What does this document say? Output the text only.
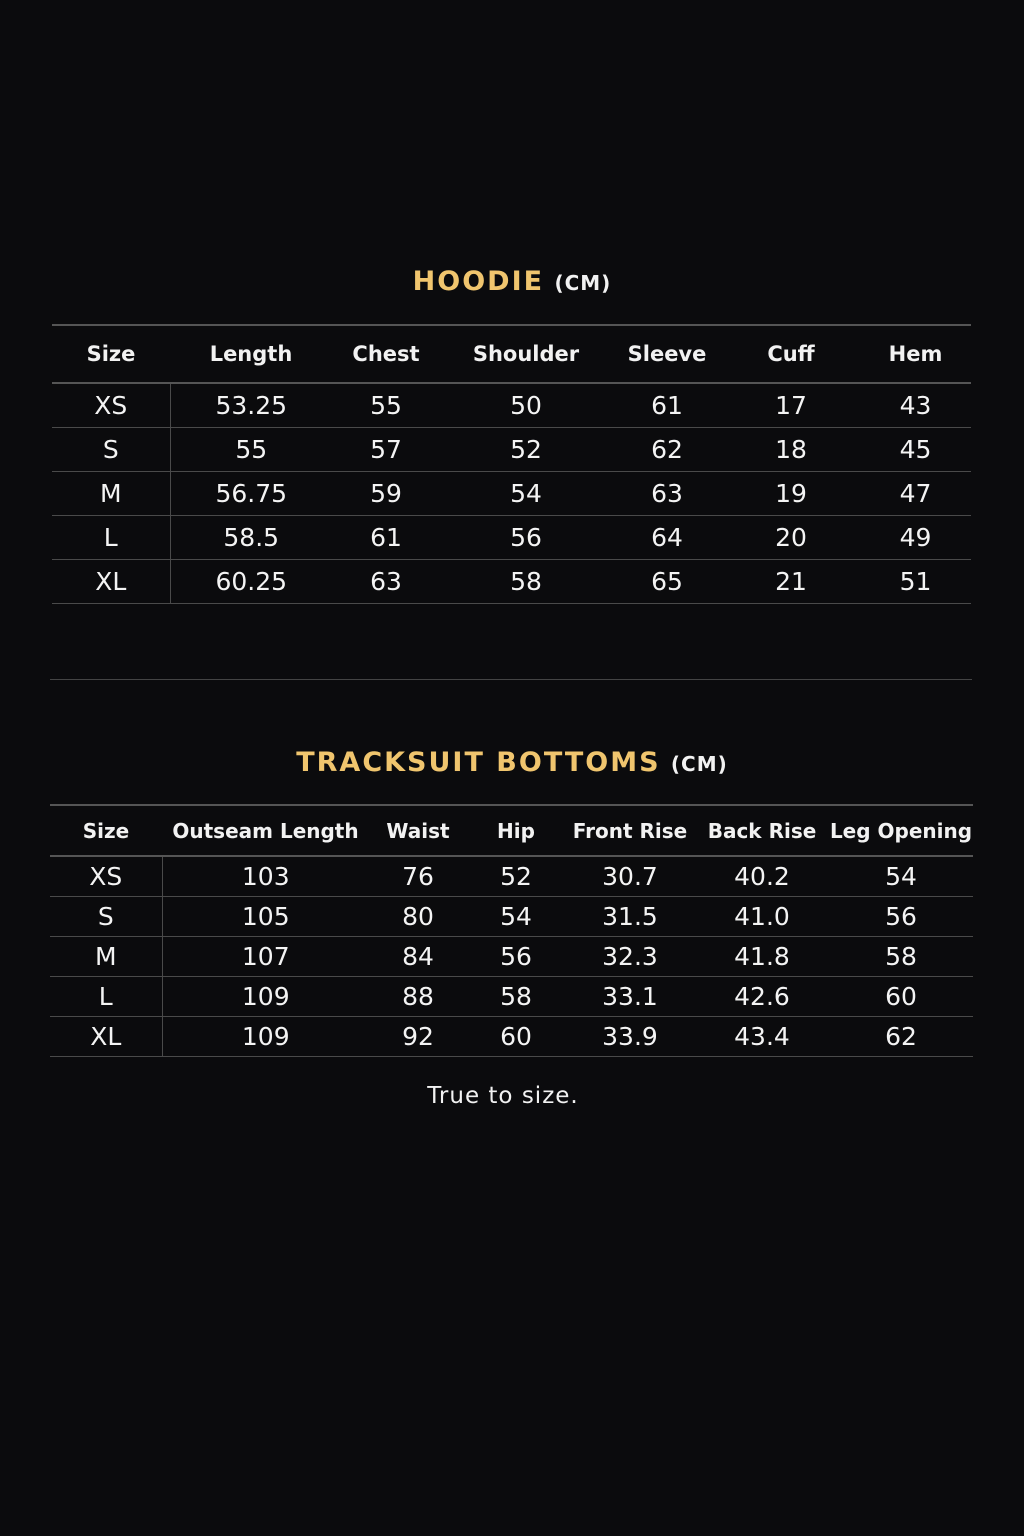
HOODIE (CM)
Size	Length	Chest	Shoulder	Sleeve	Cuff	Hem
XS	53.25	55	50	61	17	43
S	55	57	52	62	18	45
M	56.75	59	54	63	19	47
L	58.5	61	56	64	20	49
XL	60.25	63	58	65	21	51
TRACKSUIT BOTTOMS (CM)
Size	Outseam Length	Waist	Hip	Front Rise	Back Rise	Leg Opening
XS	103	76	52	30.7	40.2	54
S	105	80	54	31.5	41.0	56
M	107	84	56	32.3	41.8	58
L	109	88	58	33.1	42.6	60
XL	109	92	60	33.9	43.4	62

True to size.
